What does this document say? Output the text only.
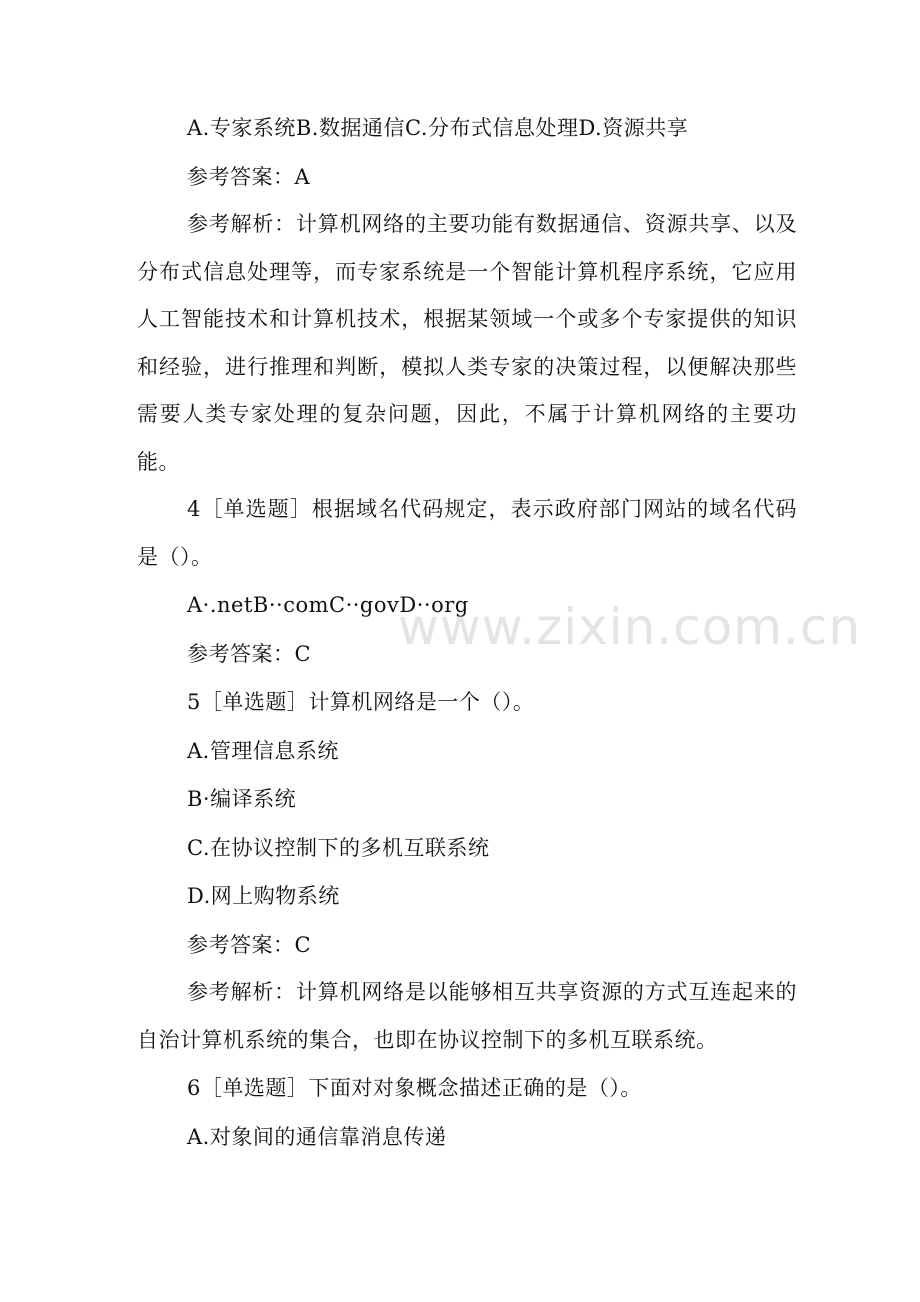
A.专家系统B.数据通信C.分布式信息处理D.资源共享

参考答案：A

参考解析：计算机网络的主要功能有数据通信、资源共享、以及分布式信息处理等，而专家系统是一个智能计算机程序系统，它应用人工智能技术和计算机技术，根据某领域一个或多个专家提供的知识和经验，进行推理和判断，模拟人类专家的决策过程，以便解决那些需要人类专家处理的复杂问题，因此，不属于计算机网络的主要功能。

4［单选题］根据域名代码规定，表示政府部门网站的域名代码是（）。

A·.netB··comC··govD··org

参考答案：C

5［单选题］计算机网络是一个（）。

A.管理信息系统

B·编译系统

C.在协议控制下的多机互联系统

D.网上购物系统

参考答案：C

参考解析：计算机网络是以能够相互共享资源的方式互连起来的自治计算机系统的集合，也即在协议控制下的多机互联系统。

6［单选题］下面对对象概念描述正确的是（）。

A.对象间的通信靠消息传递

www.zixin.com.cn
